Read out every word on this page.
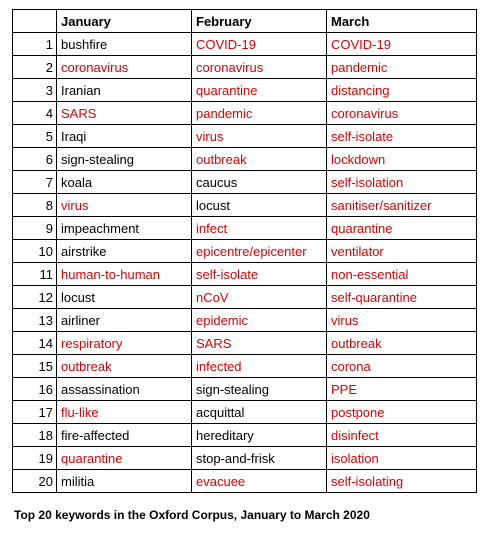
	January	February	March
1	bushfire	COVID-19	COVID-19
2	coronavirus	coronavirus	pandemic
3	Iranian	quarantine	distancing
4	SARS	pandemic	coronavirus
5	Iraqi	virus	self-isolate
6	sign-stealing	outbreak	lockdown
7	koala	caucus	self-isolation
8	virus	locust	sanitiser/sanitizer
9	impeachment	infect	quarantine
10	airstrike	epicentre/epicenter	ventilator
11	human-to-human	self-isolate	non-essential
12	locust	nCoV	self-quarantine
13	airliner	epidemic	virus
14	respiratory	SARS	outbreak
15	outbreak	infected	corona
16	assassination	sign-stealing	PPE
17	flu-like	acquittal	postpone
18	fire-affected	hereditary	disinfect
19	quarantine	stop-and-frisk	isolation
20	militia	evacuee	self-isolating
Top 20 keywords in the Oxford Corpus, January to March 2020
